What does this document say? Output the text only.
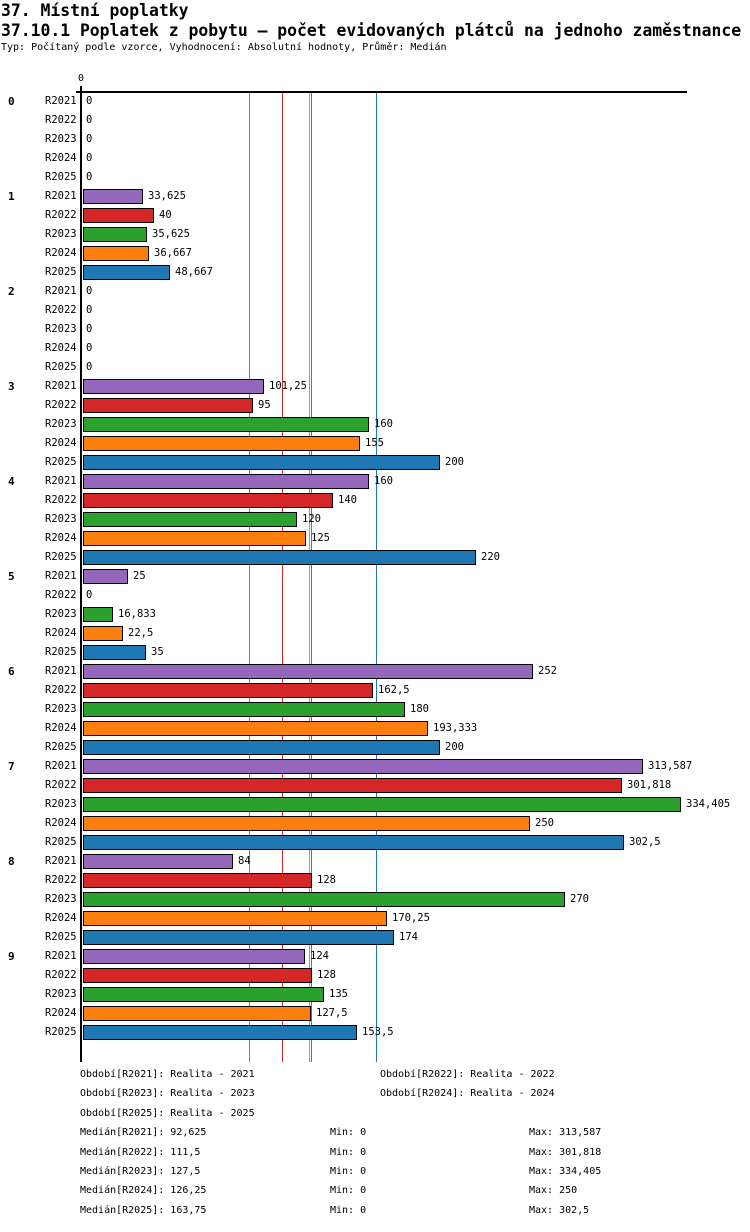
37. Místní poplatky
37.10.1 Poplatek z pobytu – počet evidovaných plátců na jednoho zaměstnance
Typ: Počítaný podle vzorce, Vyhodnocení: Absolutní hodnoty, Průměr: Medián
0
0	R2021 0
R2022 0
R2023 0
R2024 0
R2025 0
1	R2021	33,625
R2022	40
R2023	35,625
R2024	36,667
R2025	48,667
2	R2021 0
R2022 0
R2023 0
R2024 0
R2025 0
3	R2021	101,25
R2022	95
R2023	160
R2024	155
R2025	200
4	R2021	160
R2022	140
R2023	120
R2024	125
R2025	220
5	R2021	25
R2022 0
R2023	16,833
R2024	22,5
R2025	35
6	R2021	252
R2022	162,5
R2023	180
R2024	193,333
R2025	200
7	R2021	313,587
R2022	301,818
R2023	334,405
R2024	250
R2025	302,5
8	R2021	84
R2022	128
R2023	270
R2024	170,25
R2025	174
9	R2021	124
R2022	128
R2023	135
R2024	127,5
R2025	153,5
Období[R2021]: Realita - 2021	Období[R2022]: Realita - 2022
Období[R2023]: Realita - 2023	Období[R2024]: Realita - 2024
Období[R2025]: Realita - 2025
Medián[R2021]: 92,625	Min: 0	Max: 313,587
Medián[R2022]: 111,5	Min: 0	Max: 301,818
Medián[R2023]: 127,5	Min: 0	Max: 334,405
Medián[R2024]: 126,25	Min: 0	Max: 250
Medián[R2025]: 163,75	Min: 0	Max: 302,5
